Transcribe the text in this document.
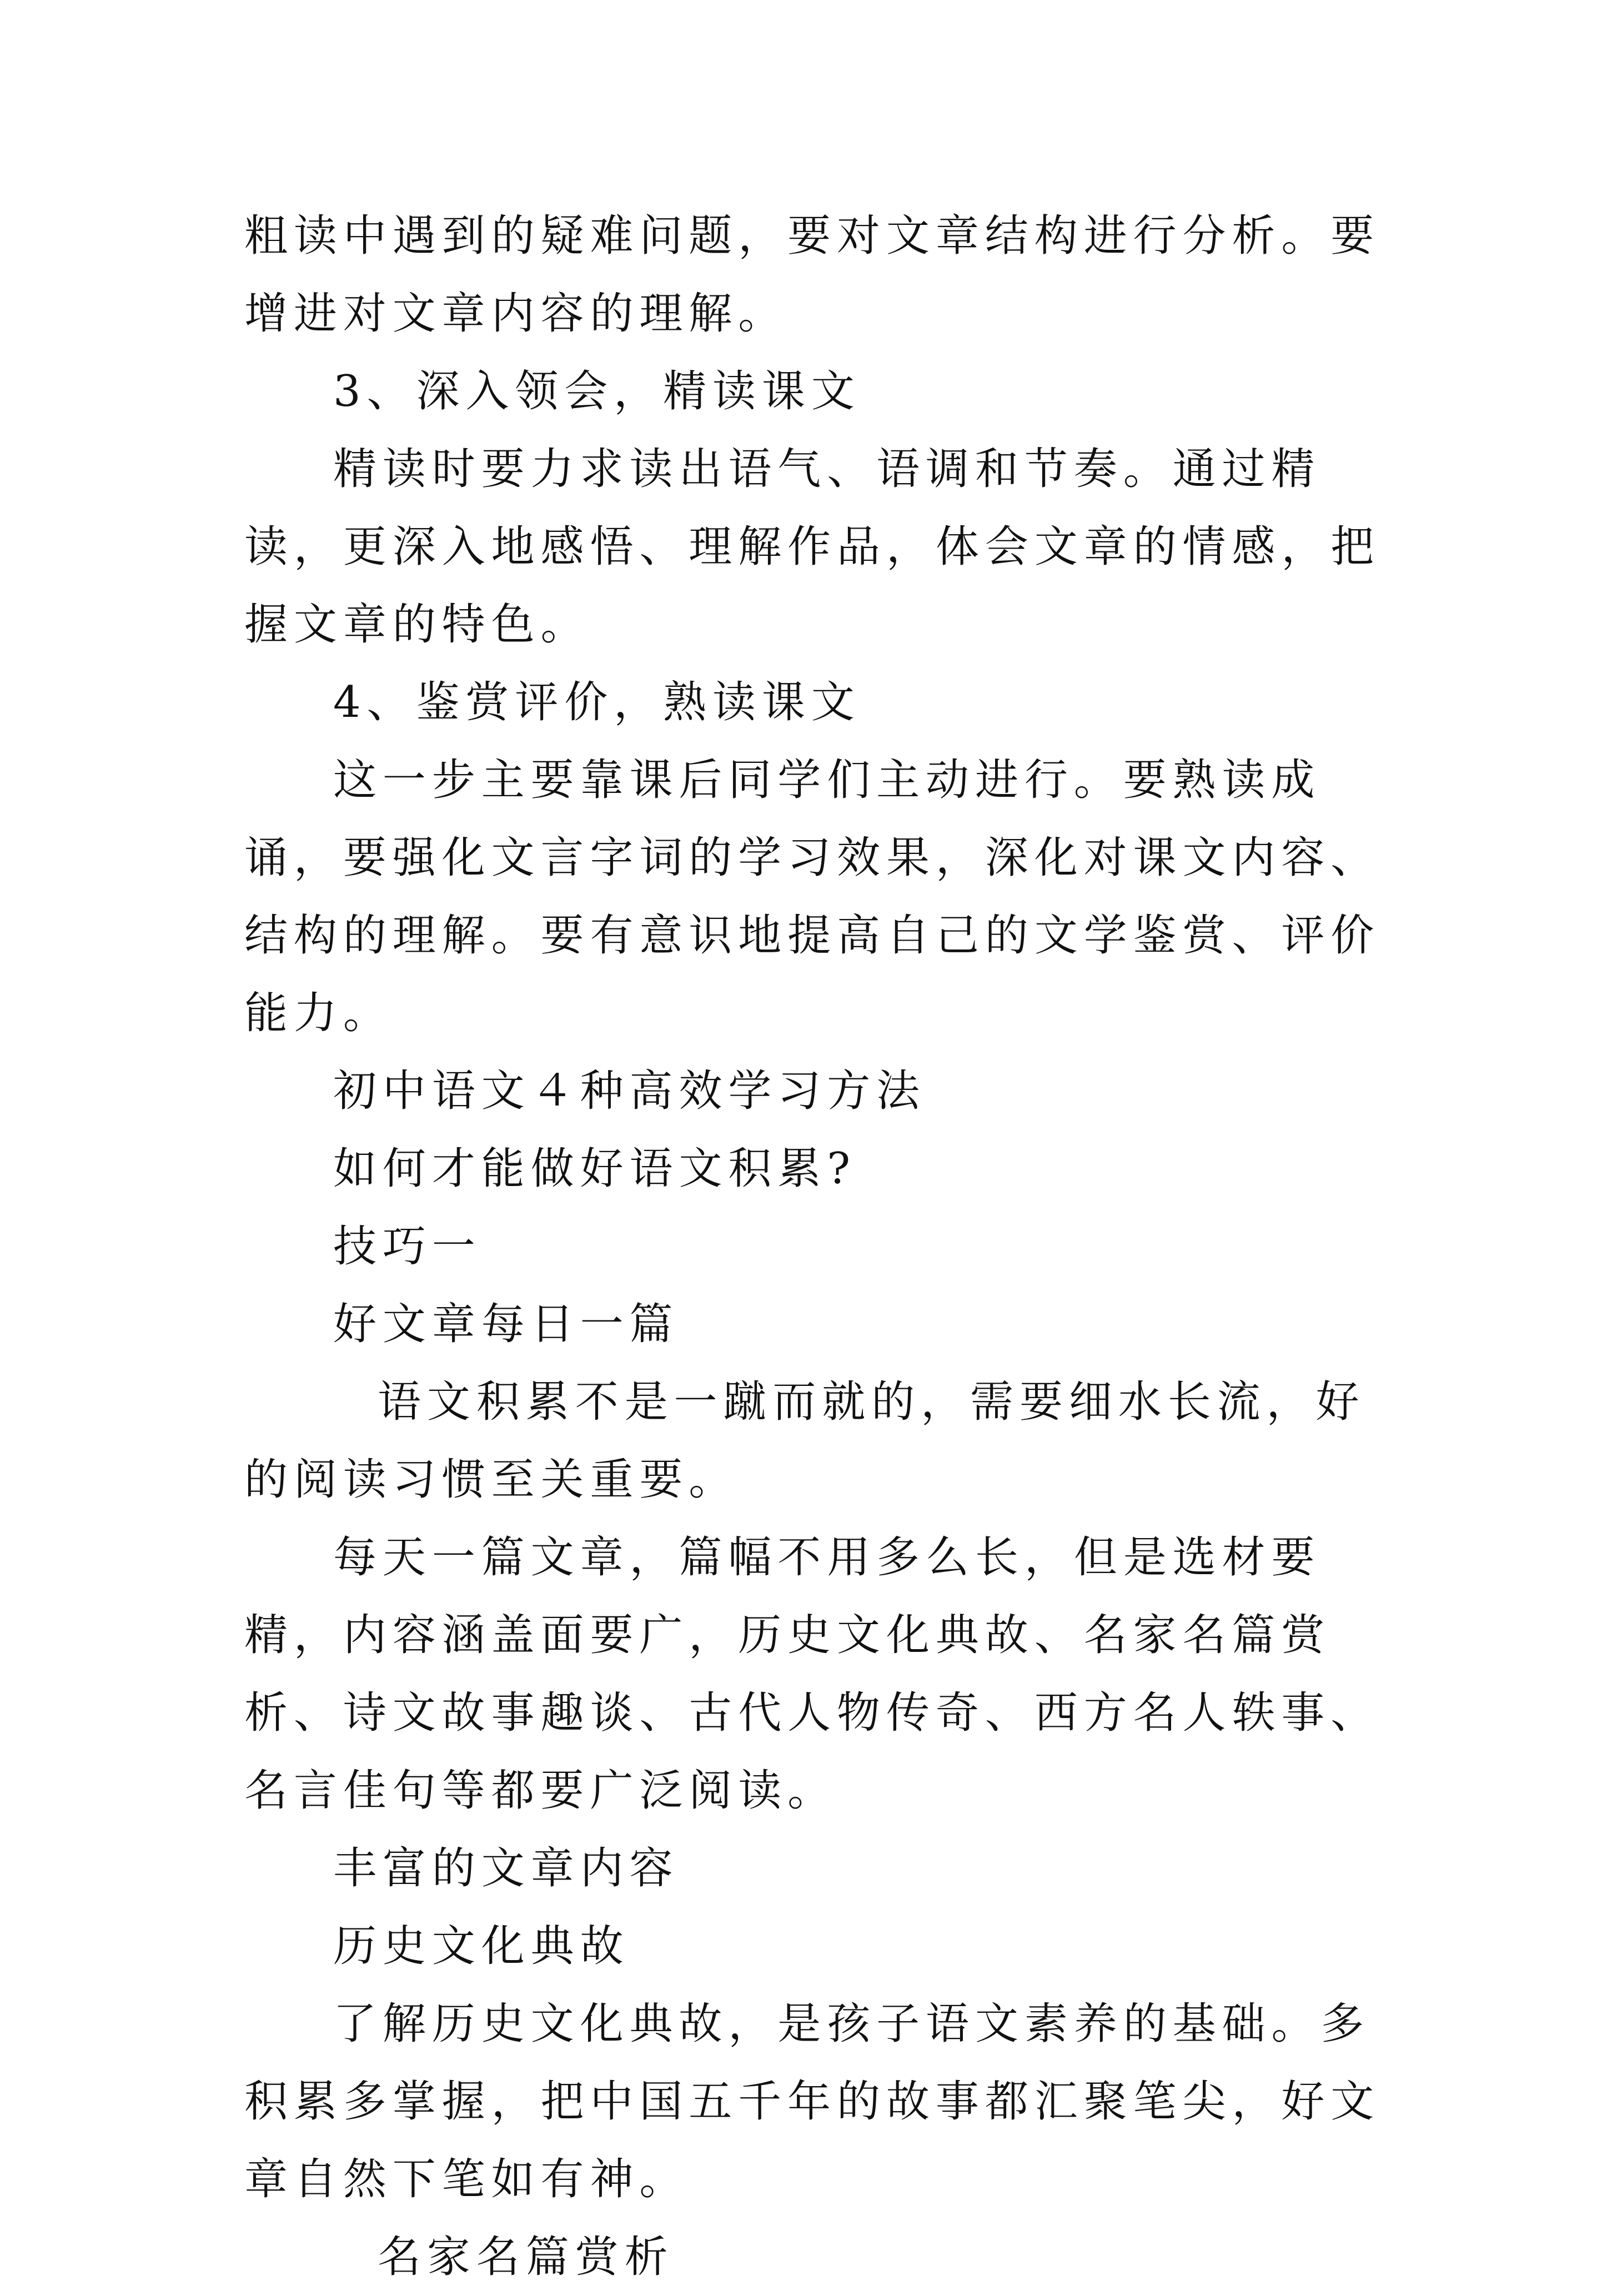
粗读中遇到的疑难问题，要对文章结构进行分析。要增进对文章内容的理解。

3、深入领会，精读课文

精读时要力求读出语气、语调和节奏。通过精读，更深入地感悟、理解作品，体会文章的情感，把握文章的特色。

4、鉴赏评价，熟读课文

这一步主要靠课后同学们主动进行。要熟读成诵，要强化文言字词的学习效果，深化对课文内容、结构的理解。要有意识地提高自己的文学鉴赏、评价能力。

初中语文４种高效学习方法

如何才能做好语文积累?

技巧一

好文章每日一篇

语文积累不是一蹴而就的，需要细水长流，好的阅读习惯至关重要。

每天一篇文章，篇幅不用多么长，但是选材要精，内容涵盖面要广，历史文化典故、名家名篇赏析、诗文故事趣谈、古代人物传奇、西方名人轶事、名言佳句等都要广泛阅读。

丰富的文章内容

历史文化典故

了解历史文化典故，是孩子语文素养的基础。多积累多掌握，把中国五千年的故事都汇聚笔尖，好文章自然下笔如有神。

名家名篇赏析
